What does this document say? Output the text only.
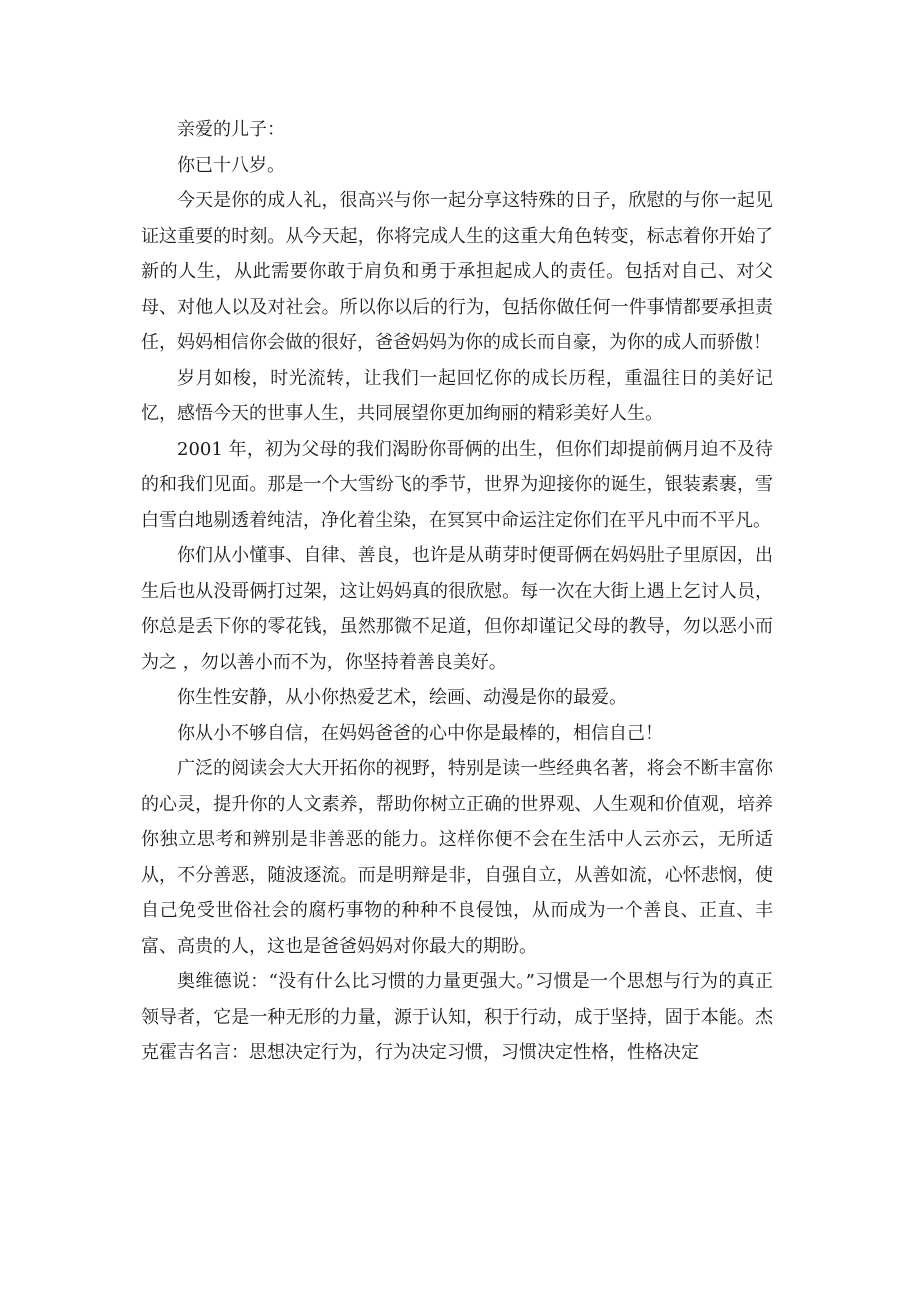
亲爱的儿子：

你已十八岁。

今天是你的成人礼，很高兴与你一起分享这特殊的日子，欣慰的与你一起见证这重要的时刻。从今天起，你将完成人生的这重大角色转变，标志着你开始了新的人生，从此需要你敢于肩负和勇于承担起成人的责任。包括对自己、对父母、对他人以及对社会。所以你以后的行为，包括你做任何一件事情都要承担责任，妈妈相信你会做的很好，爸爸妈妈为你的成长而自豪，为你的成人而骄傲！

岁月如梭，时光流转，让我们一起回忆你的成长历程，重温往日的美好记忆，感悟今天的世事人生，共同展望你更加绚丽的精彩美好人生。

2001 年，初为父母的我们渴盼你哥俩的出生，但你们却提前俩月迫不及待的和我们见面。那是一个大雪纷飞的季节，世界为迎接你的诞生，银装素裹，雪白雪白地剔透着纯洁，净化着尘染，在冥冥中命运注定你们在平凡中而不平凡。

你们从小懂事、自律、善良，也许是从萌芽时便哥俩在妈妈肚子里原因，出生后也从没哥俩打过架，这让妈妈真的很欣慰。每一次在大街上遇上乞讨人员，你总是丢下你的零花钱，虽然那微不足道，但你却谨记父母的教导，勿以恶小而为之 ，勿以善小而不为，你坚持着善良美好。

你生性安静，从小你热爱艺术，绘画、动漫是你的最爱。

你从小不够自信，在妈妈爸爸的心中你是最棒的，相信自己！

广泛的阅读会大大开拓你的视野，特别是读一些经典名著，将会不断丰富你的心灵，提升你的人文素养，帮助你树立正确的世界观、人生观和价值观，培养你独立思考和辨别是非善恶的能力。这样你便不会在生活中人云亦云，无所适从，不分善恶，随波逐流。而是明辩是非，自强自立，从善如流，心怀悲悯，使自己免受世俗社会的腐朽事物的种种不良侵蚀，从而成为一个善良、正直、丰富、高贵的人，这也是爸爸妈妈对你最大的期盼。

奥维德说：“没有什么比习惯的力量更强大。”习惯是一个思想与行为的真正领导者，它是一种无形的力量，源于认知，积于行动，成于坚持，固于本能。杰克霍吉名言：思想决定行为，行为决定习惯，习惯决定性格，性格决定
